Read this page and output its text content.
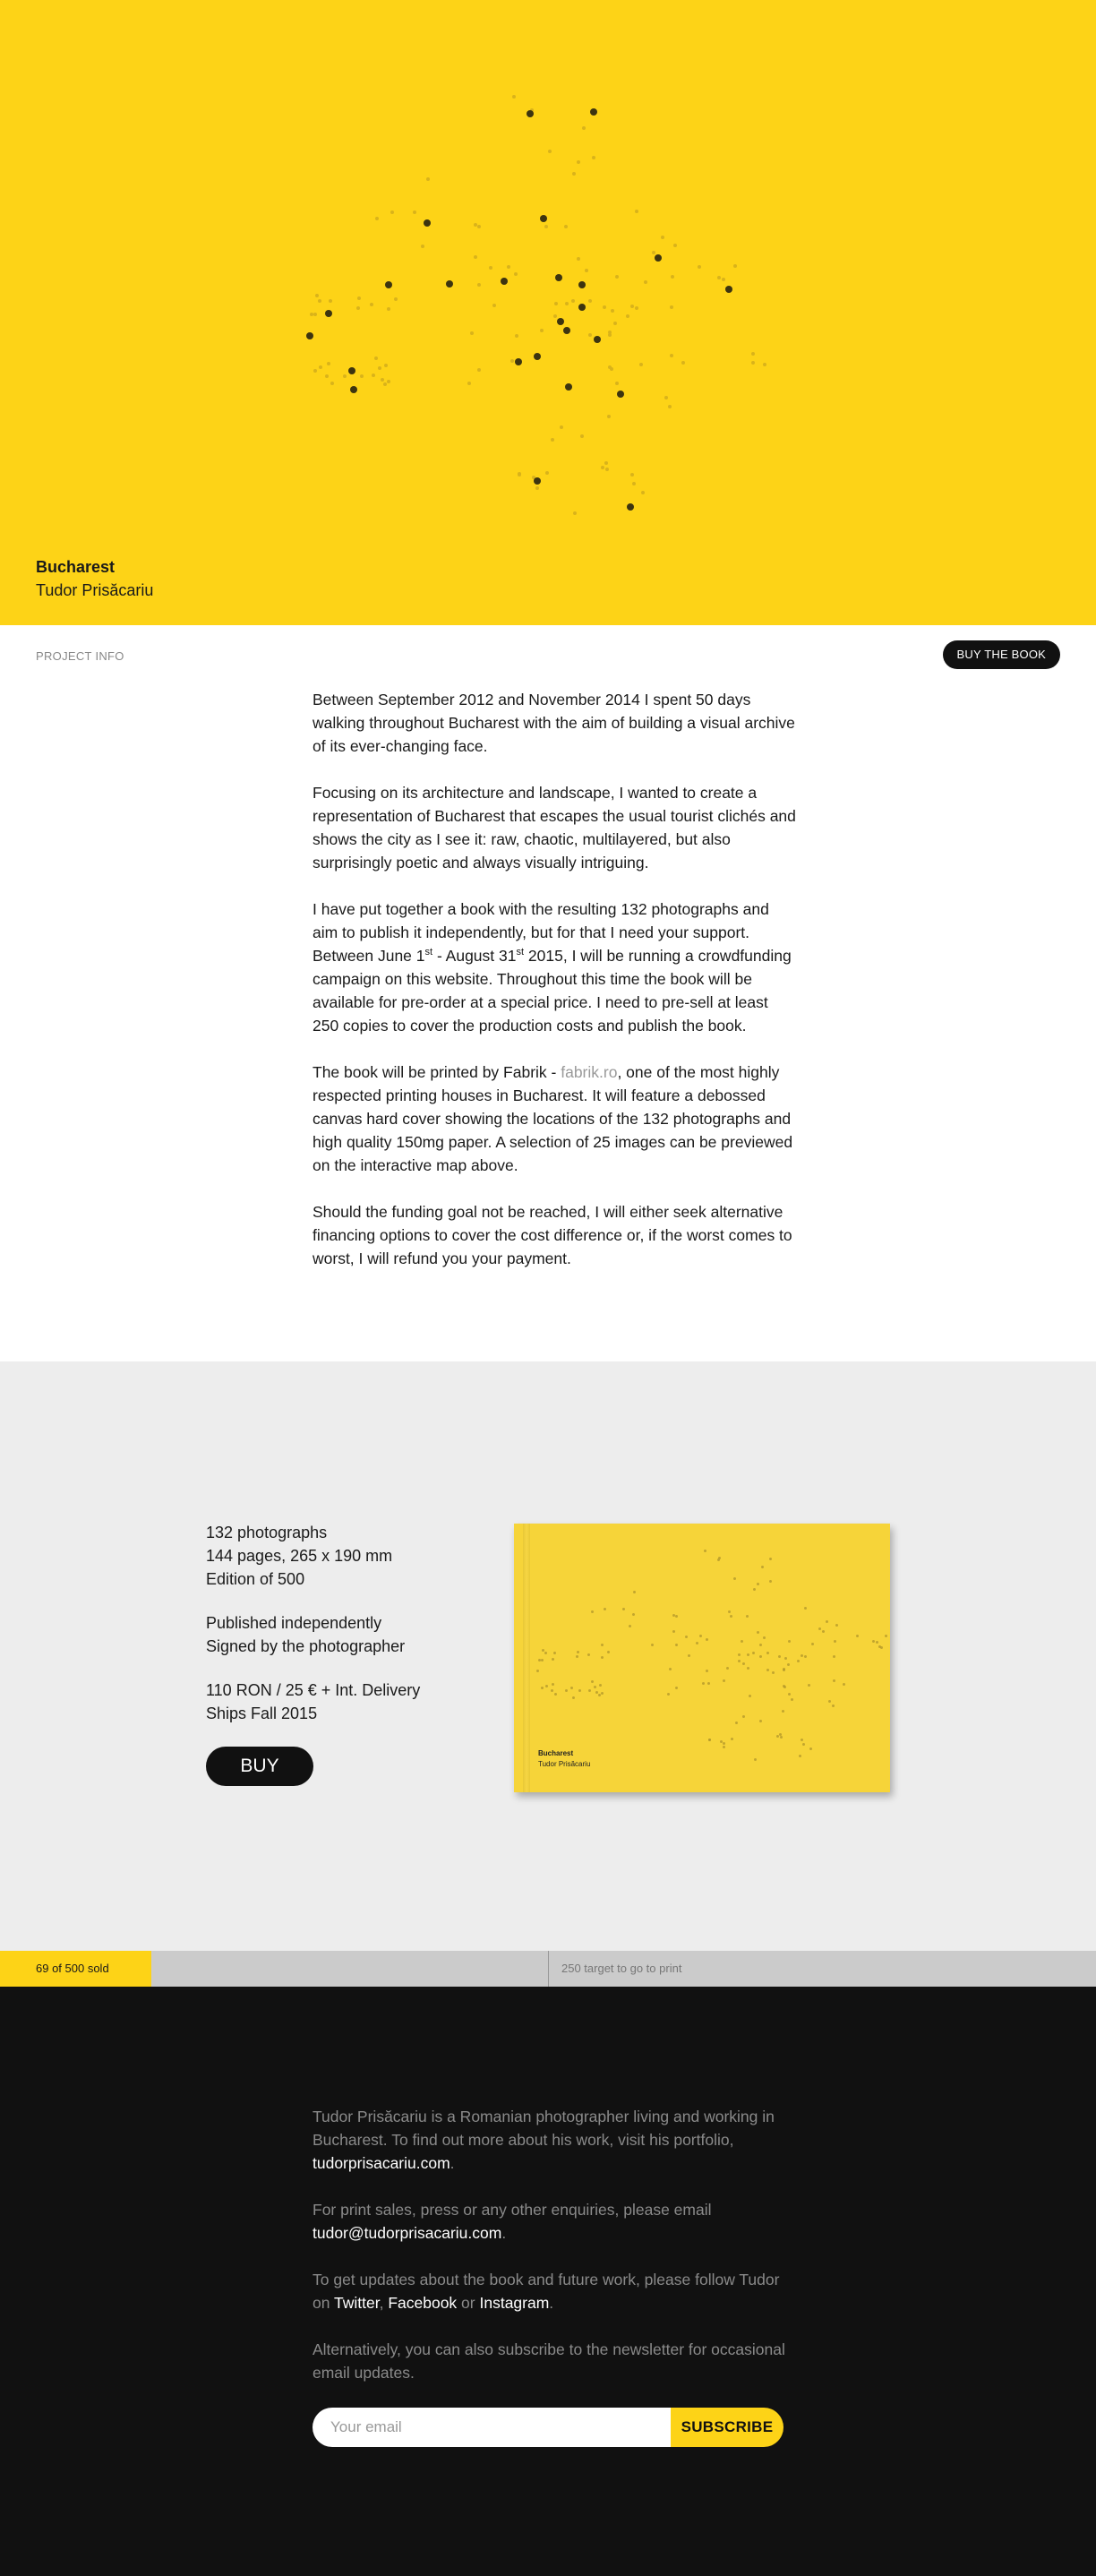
Bucharest
Tudor Prisăcariu
PROJECT INFO	BUY THE BOOK

Between September 2012 and November 2014 I spent 50 days walking throughout Bucharest with the aim of building a visual archive of its ever-changing face.

Focusing on its architecture and landscape, I wanted to create a representation of Bucharest that escapes the usual tourist clichés and shows the city as I see it: raw, chaotic, multilayered, but also surprisingly poetic and always visually intriguing.

I have put together a book with the resulting 132 photographs and aim to publish it independently, but for that I need your support. Between June 1st - August 31st 2015, I will be running a crowdfunding campaign on this website. Throughout this time the book will be available for pre-order at a special price. I need to pre-sell at least 250 copies to cover the production costs and publish the book.

The book will be printed by Fabrik - fabrik.ro, one of the most highly respected printing houses in Bucharest. It will feature a debossed canvas hard cover showing the locations of the 132 photographs and high quality 150mg paper. A selection of 25 images can be previewed on the interactive map above.

Should the funding goal not be reached, I will either seek alternative financing options to cover the cost difference or, if the worst comes to worst, I will refund you your payment.

132 photographs
144 pages, 265 x 190 mm
Edition of 500
Published independently
Signed by the photographer
110 RON / 25 € + Int. Delivery
Ships Fall 2015
BUY
Bucharest
Tudor Prisăcariu
69 of 500 sold	250 target to go to print

Tudor Prisăcariu is a Romanian photographer living and working in Bucharest. To find out more about his work, visit his portfolio, tudorprisacariu.com.

For print sales, press or any other enquiries, please email tudor@tudorprisacariu.com.

To get updates about the book and future work, please follow Tudor on Twitter, Facebook or Instagram.

Alternatively, you can also subscribe to the newsletter for occasional email updates.

Your email
SUBSCRIBE
